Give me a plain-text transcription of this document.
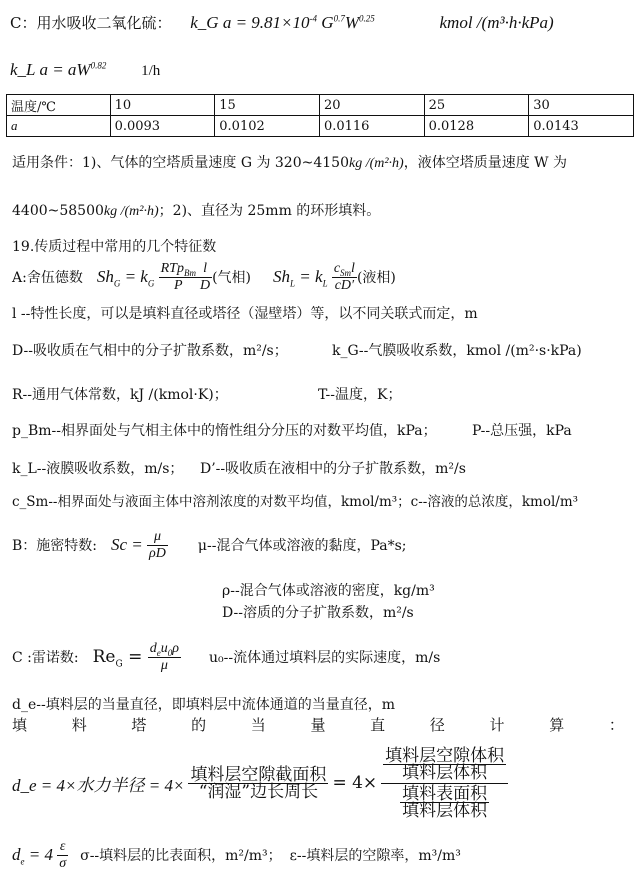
C：用水吸收二氧化硫： k_G $a = 9.81\times 10^{-4}$ $G^{0.7}W^{0.25}$	kmol /(m³·h·kPa)
k_L $a = aW^{0.82}$ 1/h
温度/℃	10	15	20	25	30
a	0.0093	0.0102	0.0116	0.0128	0.0143
适用条件：1)、气体的空塔质量速度 G 为 320~4150kg /(m²·h)，液体空塔质量速度 W 为
4400~58500kg /(m²·h)；2)、直径为 25mm 的环形填料。
19.传质过程中常用的几个特征数
A:舍伍德数 $Sh_G = k_G \frac{RTp_{Bm}}{P} \frac{l}{D}$ (气相) $Sh_L = k_L \frac{c_{Sm}l}{cD'}$ (液相)
l --特性长度，可以是填料直径或塔径（湿壁塔）等，以不同关联式而定，m
D--吸收质在气相中的分子扩散系数，m²/s；	k_G--气膜吸收系数，kmol /(m²·s·kPa)
R--通用气体常数，kJ /(kmol·K)；	T--温度，K；
p_Bm--相界面处与气相主体中的惰性组分分压的对数平均值，kPa；	P--总压强，kPa
k_L--液膜吸收系数，m/s； D’--吸收质在液相中的分子扩散系数，m²/s
c_Sm--相界面处与液面主体中溶剂浓度的对数平均值，kmol/m³；c--溶液的总浓度，kmol/m³
B：施密特数: $Sc = \frac{\mu}{\rho D} \mu--$混合气体或溶液的黏度，Pa*s;
ρ--混合气体或溶液的密度，kg/m³
D--溶质的分子扩散系数，m²/s
C :雷诺数: $Re_G = \frac{d_eu_0\rho}{\mu} u_0--$流体通过填料层的实际速度，m/s
d_e--填料层的当量直径，即填料层中流体通道的当量直径，m
填	料	塔	的	当	量	直	径	计	算	：
d_e = 4×水力半径 = $4\times \frac{\text{填料层空隙截面积}}{\text{“润湿”边长周长}} = 4\times \frac{\frac{\text{填料层空隙体积}}{\text{填料层体积}}}{\frac{\text{填料表面积}}{\text{填料层体积}}}$
$d_e = 4 \frac{\varepsilon}{\sigma} \sigma--$填料层的比表面积，m²/m³； ε--填料层的空隙率，m³/m³
